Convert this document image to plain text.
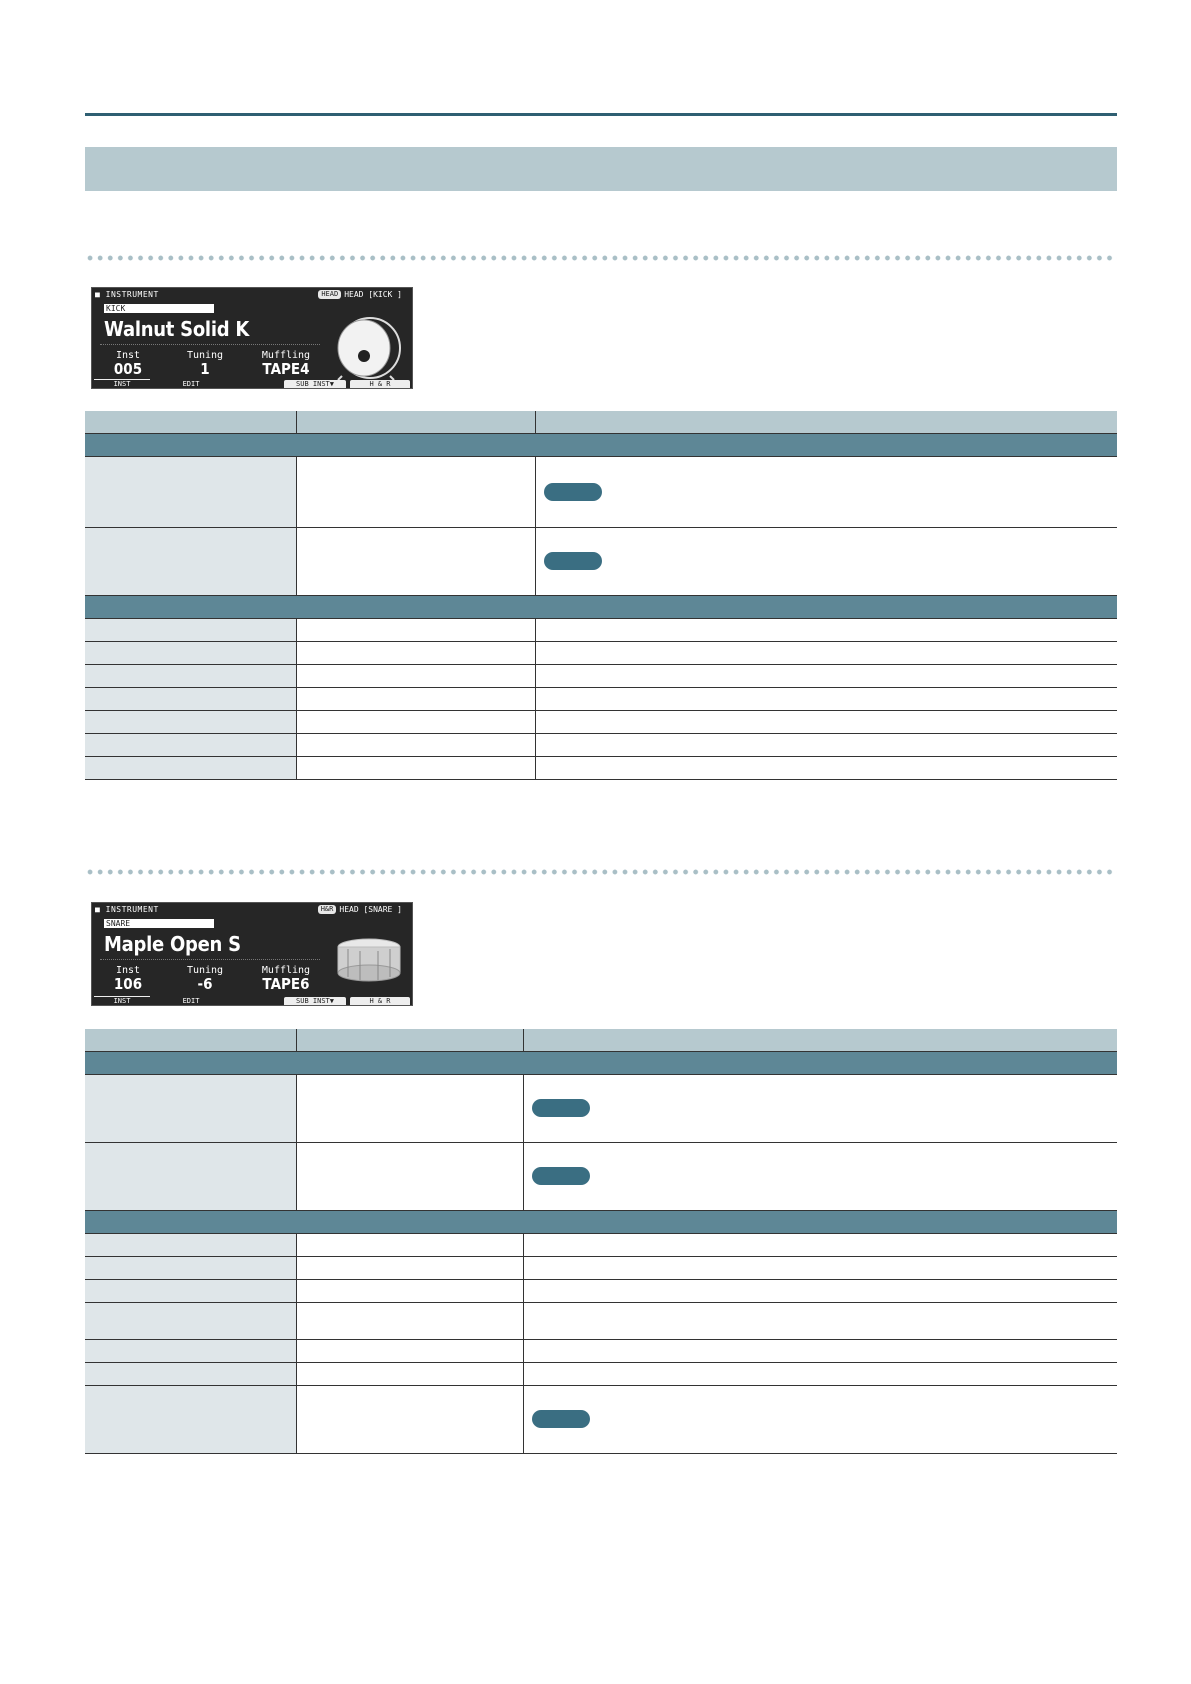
■ INSTRUMENT	HEAD HEAD [KICK ]
KICK
Walnut Solid K
Inst
005
Tuning
1
Muffling
TAPE4
INST	EDIT	SUB INST▼	H & R

■ INSTRUMENT	H&R HEAD [SNARE ]
SNARE
Maple Open S
Inst
106
Tuning
-6
Muffling
TAPE6
INST	EDIT	SUB INST▼	H & R
